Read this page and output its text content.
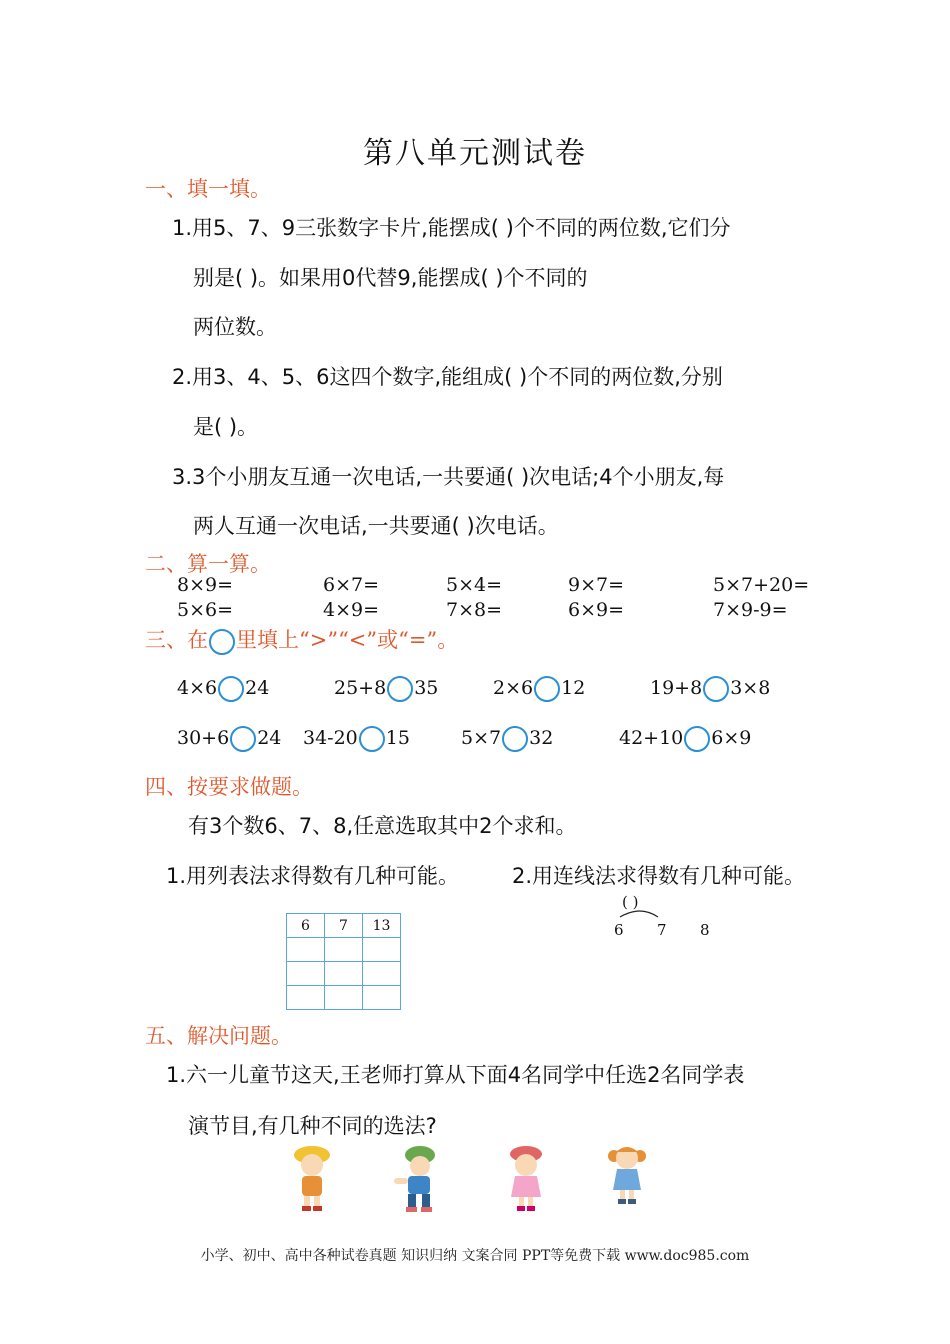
第八单元测试卷
一、填一填。
1.用5、7、9三张数字卡片,能摆成( )个不同的两位数,它们分
别是( )。如果用0代替9,能摆成( )个不同的
两位数。
2.用3、4、5、6这四个数字,能组成( )个不同的两位数,分别
是( )。
3.3个小朋友互通一次电话,一共要通( )次电话;4个小朋友,每
两人互通一次电话,一共要通( )次电话。
二、算一算。
8×9=	6×7=	5×4=	9×7=	5×7+20=
5×6=	4×9=	7×8=	6×9=	7×9-9=
三、在 里填上“>”“<”或“=”。
4×6 24	25+8 35	2×6 12	19+8 3×8
30+6 24 34-20 15	5×7 32	42+10 6×9
四、按要求做题。
有3个数6、7、8,任意选取其中2个求和。
1.用列表法求得数有几种可能。	2.用连线法求得数有几种可能。
6	7	13

( )
6 7 8
五、解决问题。
1.六一儿童节这天,王老师打算从下面4名同学中任选2名同学表
演节目,有几种不同的选法?
小学、初中、高中各种试卷真题 知识归纳 文案合同 PPT等免费下载 www.doc985.com
